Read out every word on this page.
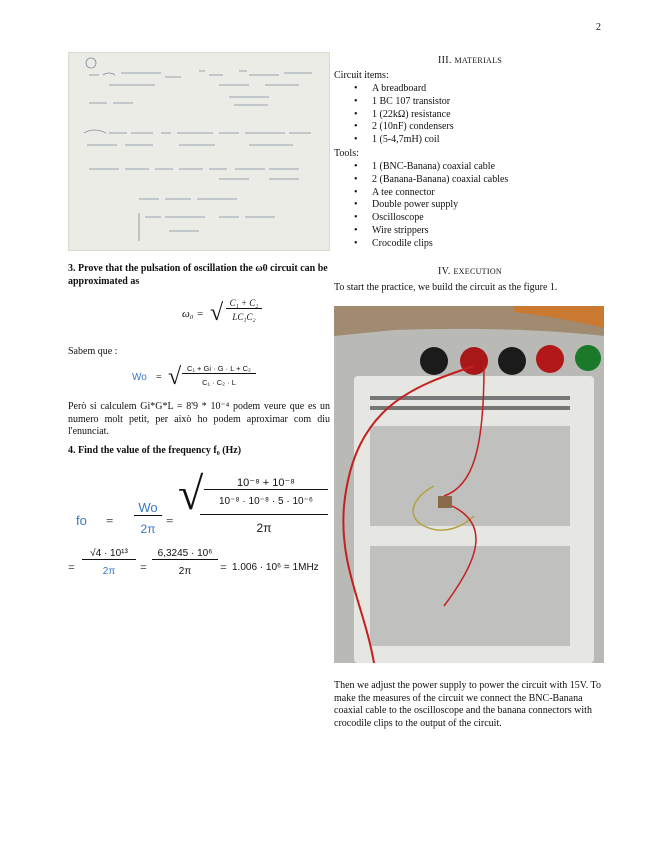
2
3. Prove that the pulsation of oscillation the ω0 circuit can be approximated as
ω₀ = √ C₁ + C₂
LC₁C₂
Sabem que :
Wo = √ C₁ + Gi · G · L + C₂
C₁ · C₂ · L
Però si calculem Gi*G*L = 8'9 * 10⁻⁴ podem veure que es un numero molt petit, per això ho podem aproximar com diu l'enunciat.
4. Find the value of the frequency f₀ (Hz)
fo =
Wo
2π
=
√	10⁻⁸ + 10⁻⁸
10⁻⁸ · 10⁻⁸ · 5 · 10⁻⁶
2π
=
√4 · 10¹³
2π	=
6,3245 · 10⁶
2π	= 1.006 · 10⁶ = 1MHz
III. MATERIALS
Circuit items:
• A breadboard
• 1 BC 107 transistor
• 1 (22kΩ) resistance
• 2 (10nF) condensers
• 1 (5-4,7mH) coil
Tools:
• 1 (BNC-Banana) coaxial cable
• 2 (Banana-Banana) coaxial cables
• A tee connector
• Double power supply
• Oscilloscope
• Wire strippers
• Crocodile clips
IV. EXECUTION
To start the practice, we build the circuit as the figure 1.
Then we adjust the power supply to power the circuit with 15V. To make the measures of the circuit we connect the BNC-Banana coaxial cable to the oscilloscope and the banana connectors with crocodile clips to the output of the circuit.
